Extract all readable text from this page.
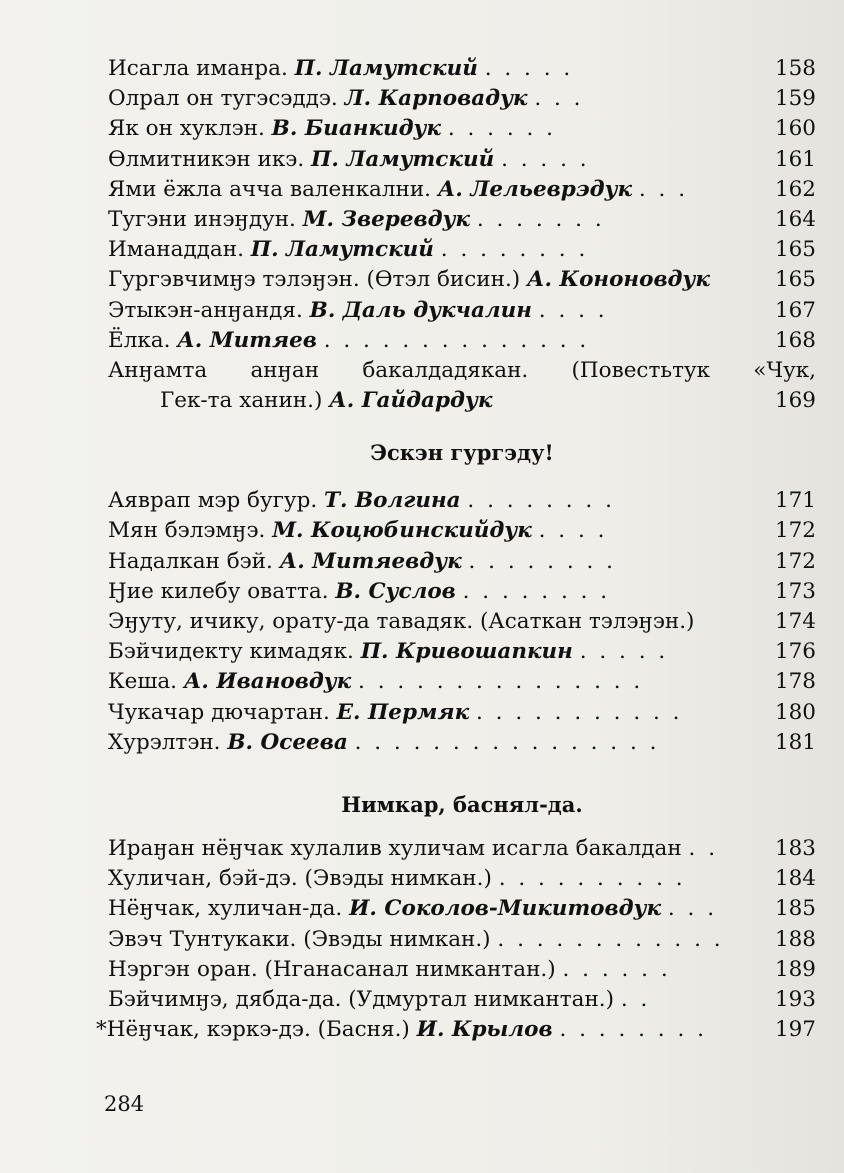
Исагла иманра. П. Ламутский . . . . .	158
Олрал он тугэсэддэ. Л. Карповадук . . .	159
Як он хуклэн. В. Бианкидук . . . . . .	160
Өлмитникэн икэ. П. Ламутский . . . . .	161
Ями ёжла аччa валенкални. А. Лельеврэдук . . .	162
Тугэни инэӈдун. М. Зверевдук . . . . . . .	164
Иманаддан. П. Ламутский . . . . . . . .	165
Гургэвчимӈэ тэлэӈэн. (Өтэл бисин.) А. Кононовдук	165
Этыкэн-анӈандя. В. Даль дукчалин . . . .	167
Ёлка. А. Митяев . . . . . . . . . . . . . .	168
Анӈамта анӈан бакалдадякан. (Повестьтук «Чук,
Гек-та ханин.) А. Гайдардук	169
Эскэн гургэду!
Аяврап мэр бугур. Т. Волгина . . . . . . . .	171
Мян бэлэмӈэ. М. Коцюбинскийдук . . . .	172
Надалкан бэй. А. Митяевдук . . . . . . . .	172
Ӈие килебу оватта. В. Суслов . . . . . . . .	173
Эӈуту, ичику, орату-да тавадяк. (Асаткан тэлэӈэн.)	174
Бэйчидекту кимадяк. П. Кривошапкин . . . . .	176
Кеша. А. Ивановдук . . . . . . . . . . . . . . .	178
Чукачар дючартан. Е. Пермяк . . . . . . . . . . .	180
Хурэлтэн. В. Осеева . . . . . . . . . . . . . . . .	181
Нимкар, баснял-да.
Ираӈан нёӈчак хулалив хуличам исагла бакалдан . .	183
Хуличан, бэй-дэ. (Эвэды нимкан.) . . . . . . . . . .	184
Нёӈчак, хуличан-да. И. Соколов-Микитовдук . . .	185
Эвэч Тунтукаки. (Эвэды нимкан.) . . . . . . . . . . . . 188
Нэргэн оран. (Нганасанал нимкантан.) . . . . . .	189
Бэйчимӈэ, дябда-да. (Удмуртал нимкантан.) . .	193
*Нёӈчак, кэркэ-дэ. (Басня.) И. Крылов . . . . . . . .	197
284
